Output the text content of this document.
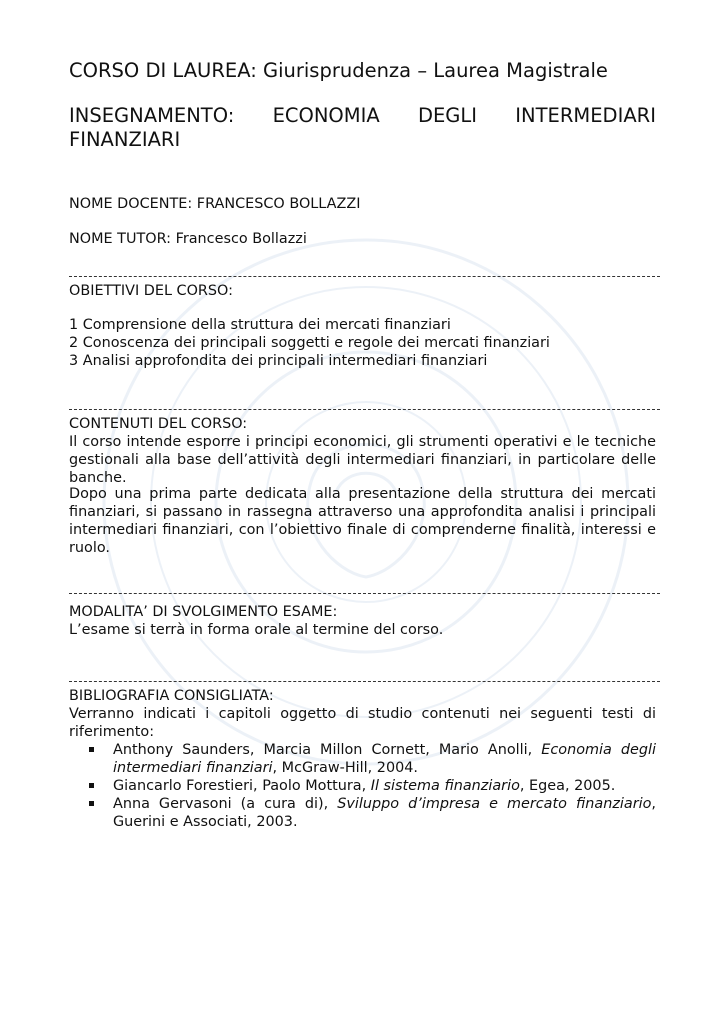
CORSO DI LAUREA: Giurisprudenza – Laurea Magistrale
INSEGNAMENTO: ECONOMIA DEGLI INTERMEDIARI
FINANZIARI
NOME DOCENTE: FRANCESCO BOLLAZZI
NOME TUTOR: Francesco Bollazzi
OBIETTIVI DEL CORSO:
1 Comprensione della struttura dei mercati finanziari
2 Conoscenza dei principali soggetti e regole dei mercati finanziari
3 Analisi approfondita dei principali intermediari finanziari
CONTENUTI DEL CORSO:
Il corso intende esporre i principi economici, gli strumenti operativi e le tecniche gestionali alla base dell’attività degli intermediari finanziari, in particolare delle banche.
Dopo una prima parte dedicata alla presentazione della struttura dei mercati finanziari, si passano in rassegna attraverso una approfondita analisi i principali intermediari finanziari, con l’obiettivo finale di comprenderne finalità, interessi e ruolo.
MODALITA’ DI SVOLGIMENTO ESAME:
L’esame si terrà in forma orale al termine del corso.
BIBLIOGRAFIA CONSIGLIATA:
Verranno indicati i capitoli oggetto di studio contenuti nei seguenti testi di riferimento:
Anthony Saunders, Marcia Millon Cornett, Mario Anolli, Economia degli intermediari finanziari, McGraw-Hill, 2004.
Giancarlo Forestieri, Paolo Mottura, Il sistema finanziario, Egea, 2005.
Anna Gervasoni (a cura di), Sviluppo d’impresa e mercato finanziario, Guerini e Associati, 2003.
